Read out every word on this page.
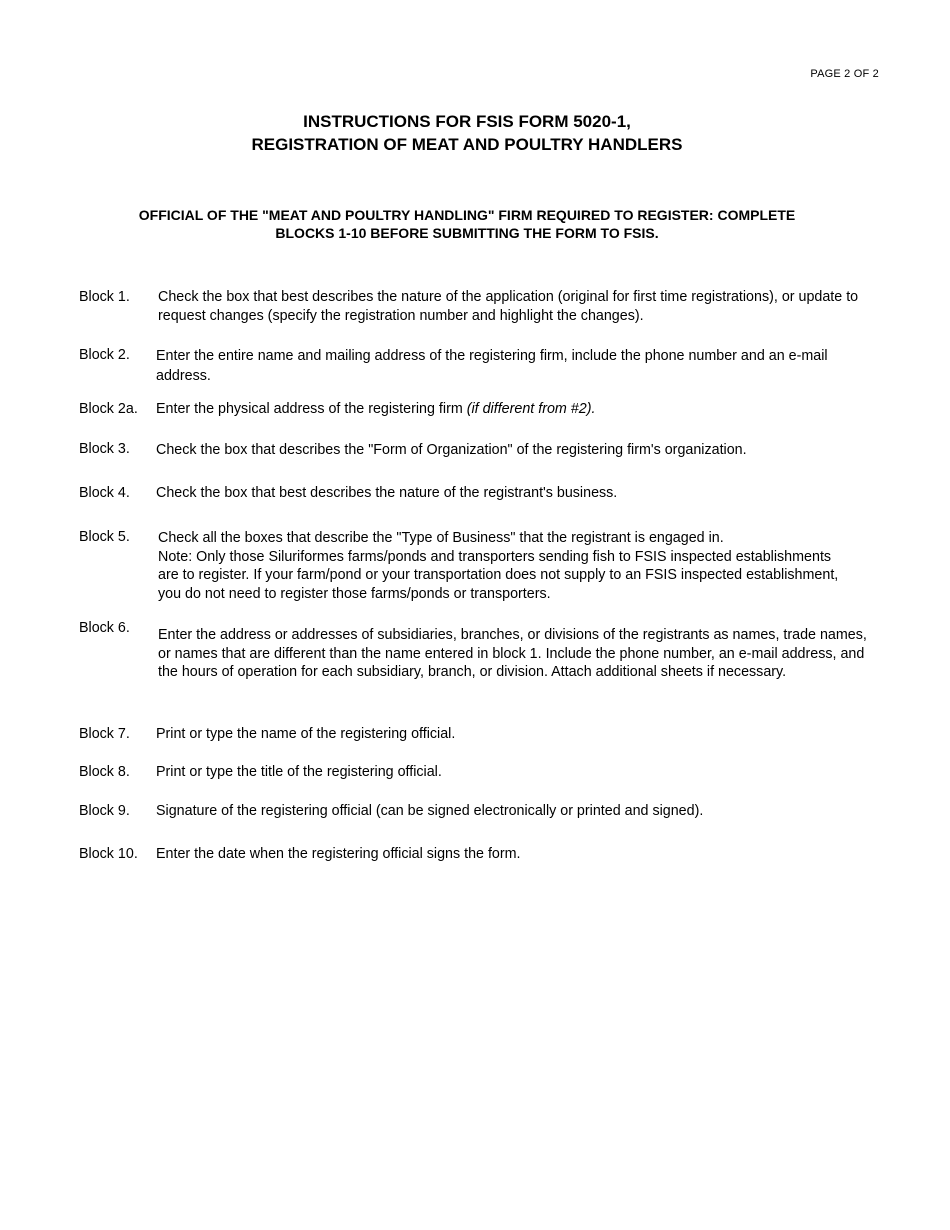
PAGE 2 OF 2
INSTRUCTIONS FOR FSIS FORM 5020-1,
REGISTRATION OF MEAT AND POULTRY HANDLERS
OFFICIAL OF THE "MEAT AND POULTRY HANDLING" FIRM REQUIRED TO REGISTER: COMPLETE
BLOCKS 1-10 BEFORE SUBMITTING THE FORM TO FSIS.
Block 1. Check the box that best describes the nature of the application (original for first time registrations), or update to request changes (specify the registration number and highlight the changes).

Block 2. Enter the entire name and mailing address of the registering firm, include the phone number and an e-mail address.

Block 2a. Enter the physical address of the registering firm (if different from #2).

Block 3. Check the box that describes the "Form of Organization" of the registering firm's organization.

Block 4. Check the box that best describes the nature of the registrant's business.

Block 5. Check all the boxes that describe the "Type of Business" that the registrant is engaged in.

Note: Only those Siluriformes farms/ponds and transporters sending fish to FSIS inspected establishments are to register. If your farm/pond or your transportation does not supply to an FSIS inspected establishment, you do not need to register those farms/ponds or transporters.

Block 6. Enter the address or addresses of subsidiaries, branches, or divisions of the registrants as names, trade names, or names that are different than the name entered in block 1. Include the phone number, an e-mail address, and the hours of operation for each subsidiary, branch, or division. Attach additional sheets if necessary.

Block 7. Print or type the name of the registering official.

Block 8. Print or type the title of the registering official.

Block 9. Signature of the registering official (can be signed electronically or printed and signed).

Block 10. Enter the date when the registering official signs the form.
